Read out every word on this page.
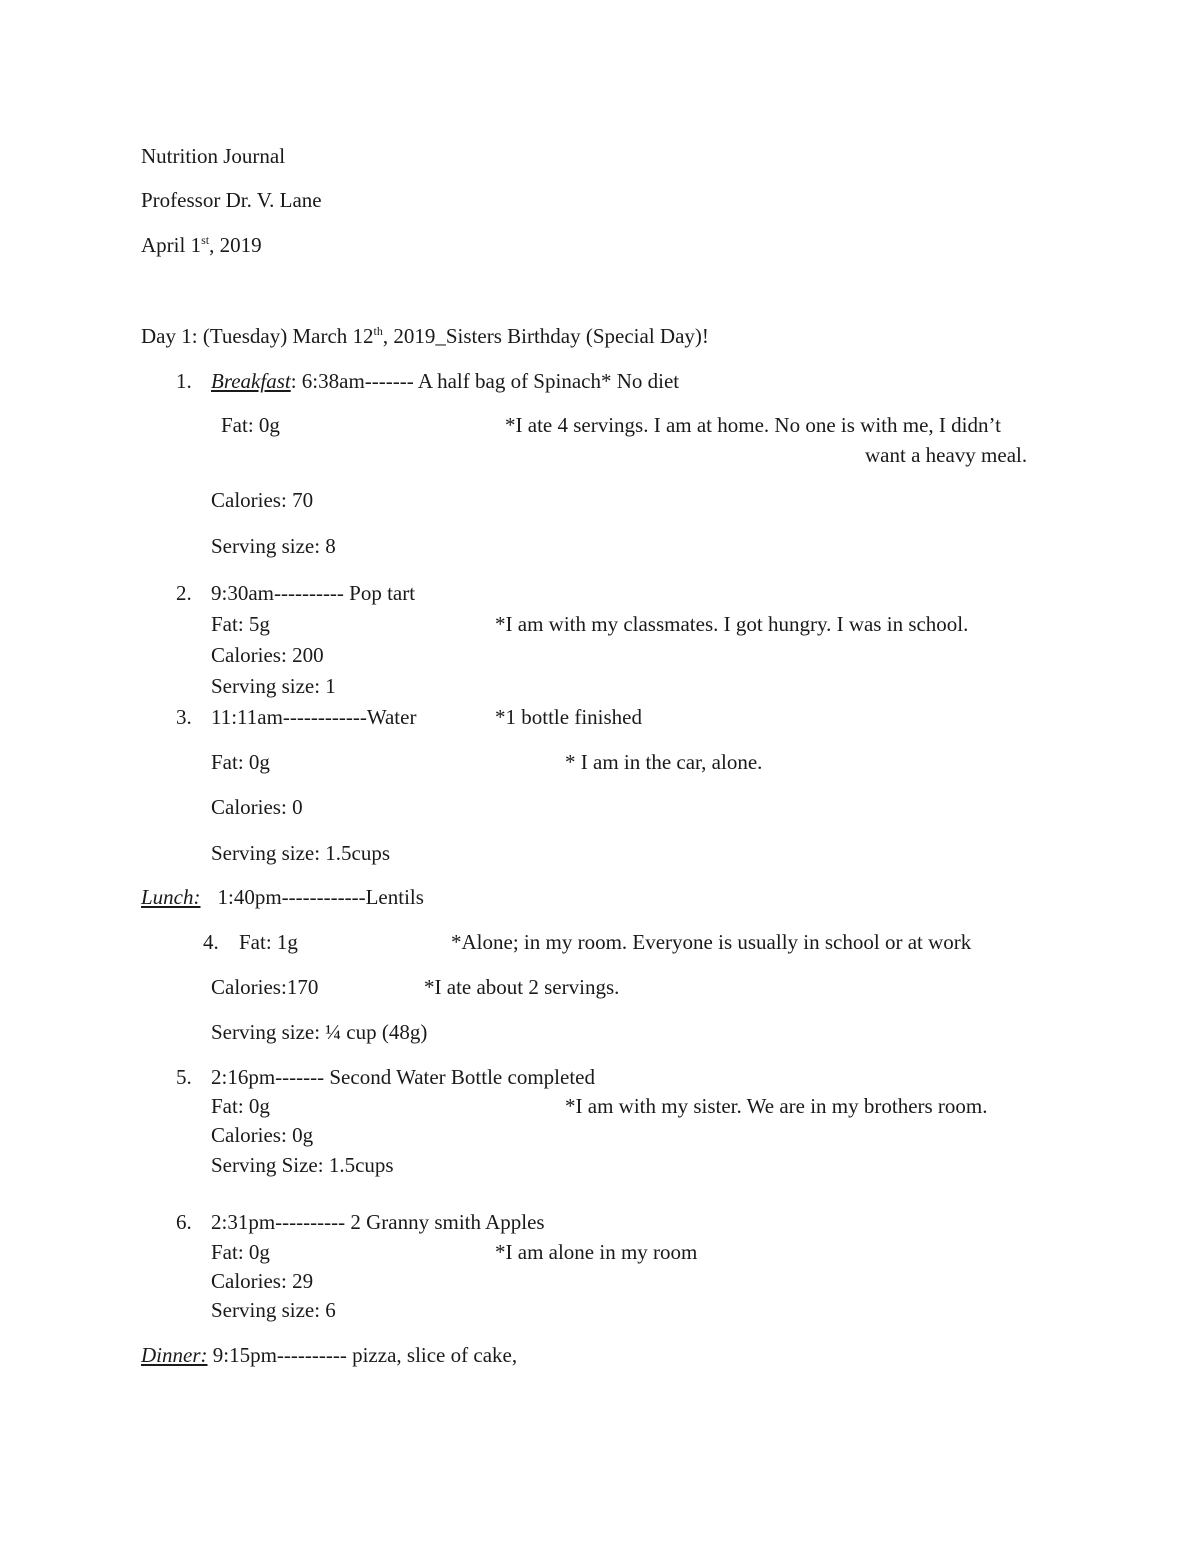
Nutrition Journal
Professor Dr. V. Lane
April 1st, 2019
Day 1: (Tuesday) March 12th, 2019_Sisters Birthday (Special Day)!
1. Breakfast: 6:38am------- A half bag of Spinach* No diet
Fat: 0g	*I ate 4 servings. I am at home. No one is with me, I didn’t
want a heavy meal.
Calories: 70
Serving size: 8
2. 9:30am---------- Pop tart
Fat: 5g	*I am with my classmates. I got hungry. I was in school.
Calories: 200
Serving size: 1
3. 11:11am------------Water	*1 bottle finished
Fat: 0g	* I am in the car, alone.
Calories: 0
Serving size: 1.5cups
Lunch: 1:40pm------------Lentils
4. Fat: 1g	*Alone; in my room. Everyone is usually in school or at work
Calories:170	*I ate about 2 servings.
Serving size: ¼ cup (48g)
5. 2:16pm------- Second Water Bottle completed
Fat: 0g	*I am with my sister. We are in my brothers room.
Calories: 0g
Serving Size: 1.5cups
6. 2:31pm---------- 2 Granny smith Apples
Fat: 0g	*I am alone in my room
Calories: 29
Serving size: 6
Dinner: 9:15pm---------- pizza, slice of cake,
